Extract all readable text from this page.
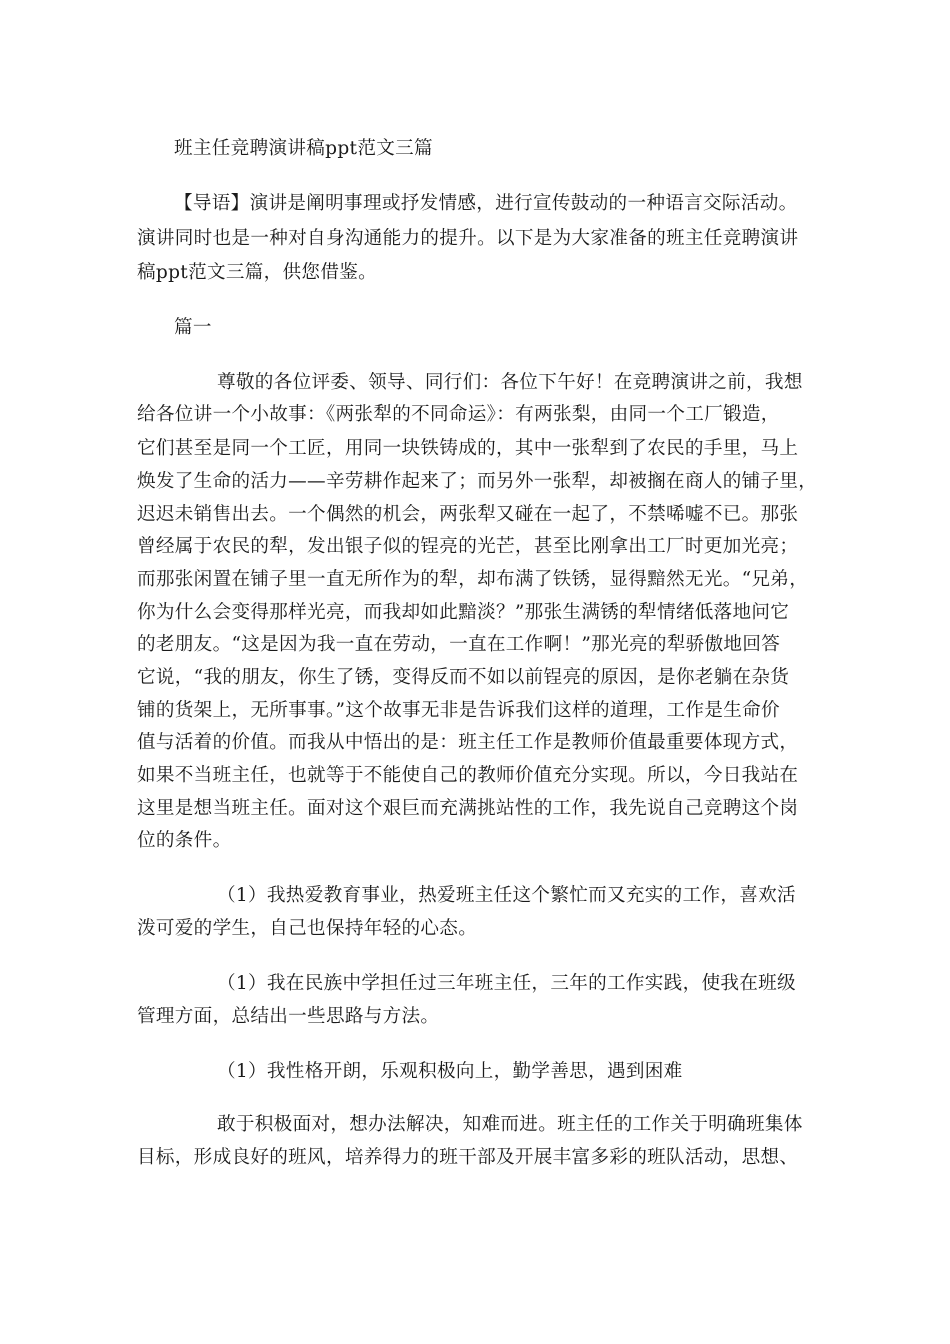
班主任竞聘演讲稿ppt范文三篇

【导语】演讲是阐明事理或抒发情感，进行宣传鼓动的一种语言交际活动。

演讲同时也是一种对自身沟通能力的提升。以下是为大家准备的班主任竞聘演讲

稿ppt范文三篇，供您借鉴。

篇一

尊敬的各位评委、领导、同行们：各位下午好！在竞聘演讲之前，我想

给各位讲一个小故事：《两张犁的不同命运》：有两张梨，由同一个工厂锻造，

它们甚至是同一个工匠，用同一块铁铸成的，其中一张犁到了农民的手里，马上

焕发了生命的活力——辛劳耕作起来了；而另外一张犁，却被搁在商人的铺子里，

迟迟未销售出去。一个偶然的机会，两张犁又碰在一起了，不禁唏嘘不已。那张

曾经属于农民的犁，发出银子似的锃亮的光芒，甚至比刚拿出工厂时更加光亮；

而那张闲置在铺子里一直无所作为的犁，却布满了铁锈，显得黯然无光。“兄弟，

你为什么会变得那样光亮，而我却如此黯淡？”那张生满锈的犁情绪低落地问它

的老朋友。“这是因为我一直在劳动，一直在工作啊！”那光亮的犁骄傲地回答

它说，“我的朋友，你生了锈，变得反而不如以前锃亮的原因，是你老躺在杂货

铺的货架上，无所事事。”这个故事无非是告诉我们这样的道理，工作是生命价

值与活着的价值。而我从中悟出的是：班主任工作是教师价值最重要体现方式，

如果不当班主任，也就等于不能使自己的教师价值充分实现。所以，今日我站在

这里是想当班主任。面对这个艰巨而充满挑站性的工作，我先说自己竞聘这个岗

位的条件。

（1）我热爱教育事业，热爱班主任这个繁忙而又充实的工作，喜欢活

泼可爱的学生，自己也保持年轻的心态。

（1）我在民族中学担任过三年班主任，三年的工作实践，使我在班级

管理方面，总结出一些思路与方法。

（1）我性格开朗，乐观积极向上，勤学善思，遇到困难

敢于积极面对，想办法解决，知难而进。班主任的工作关于明确班集体

目标，形成良好的班风，培养得力的班干部及开展丰富多彩的班队活动，思想、
